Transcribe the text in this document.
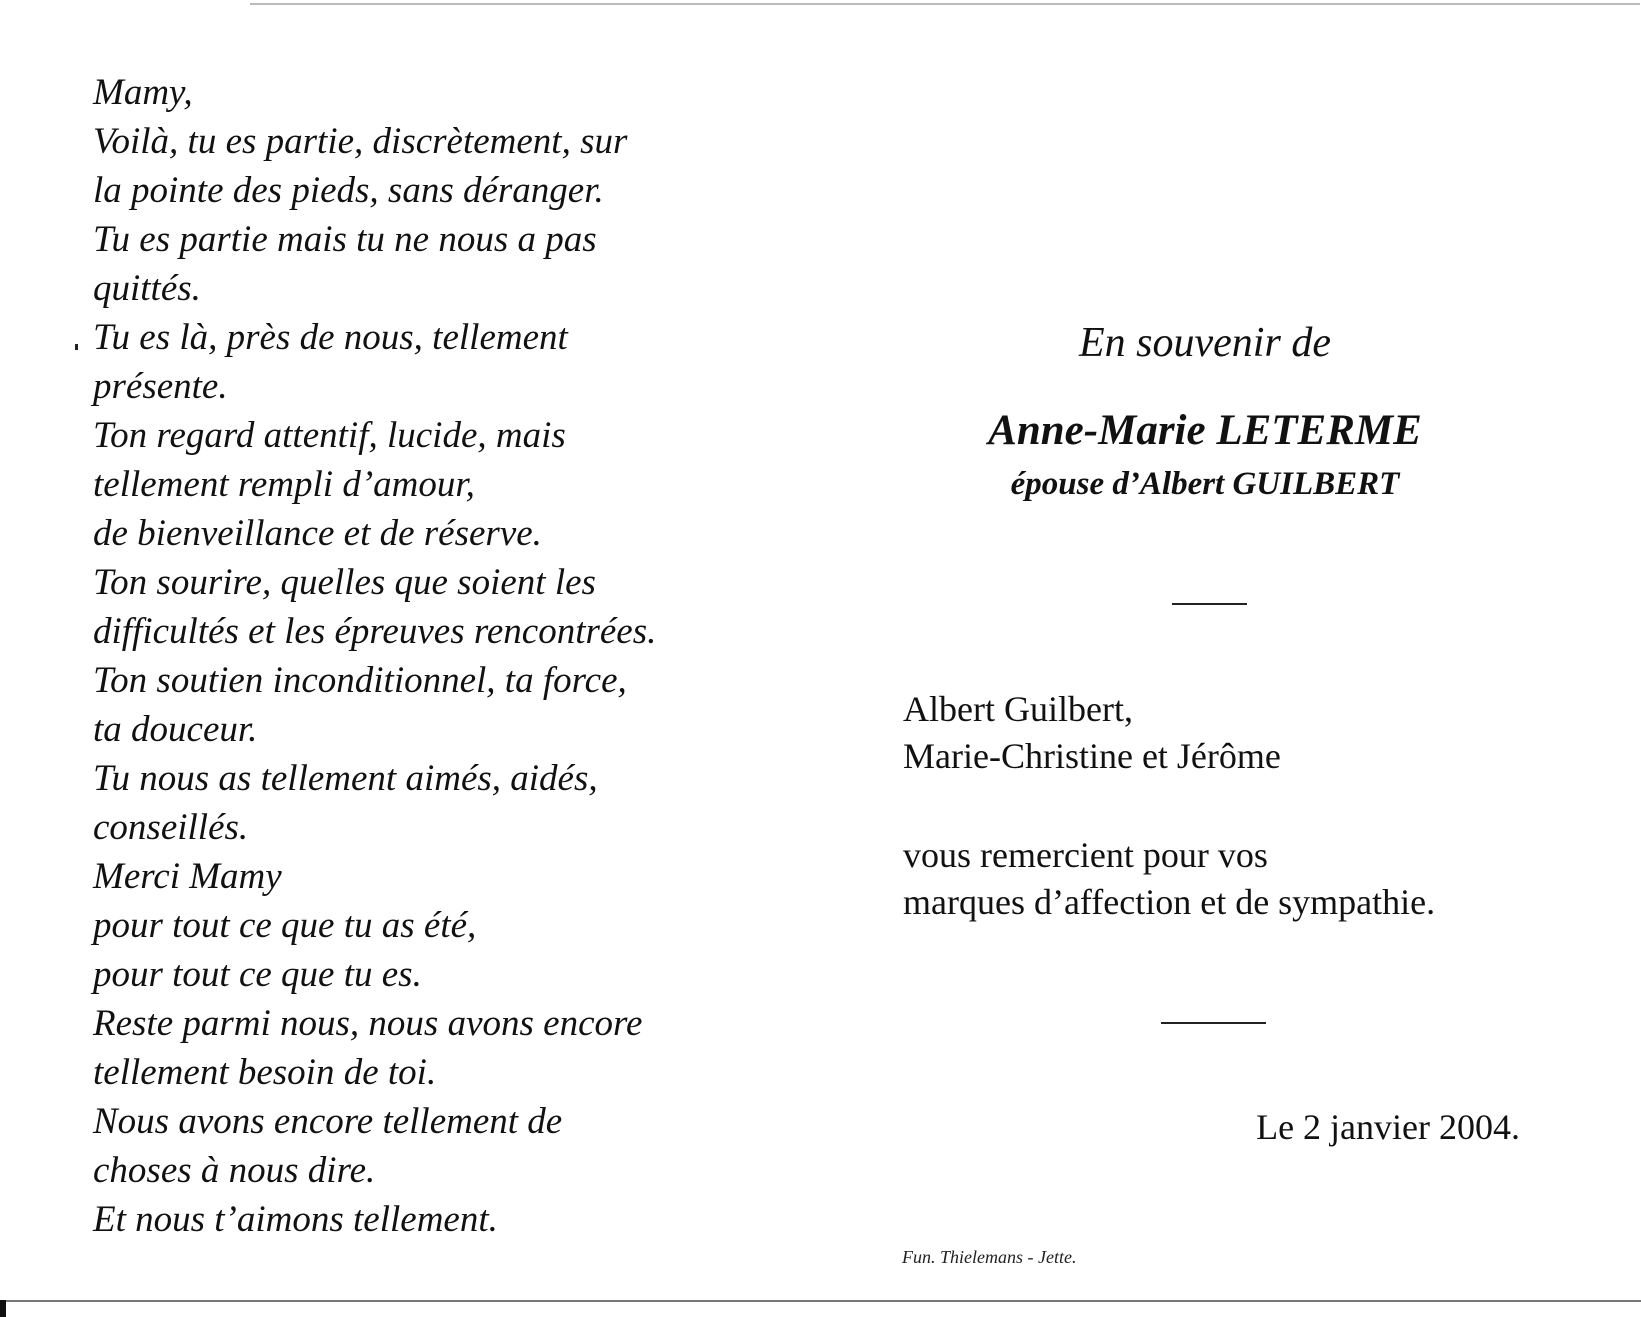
Mamy,
Voilà, tu es partie, discrètement, sur
la pointe des pieds, sans déranger.
Tu es partie mais tu ne nous a pas
quittés.
Tu es là, près de nous, tellement
présente.
Ton regard attentif, lucide, mais
tellement rempli d’amour,
de bienveillance et de réserve.
Ton sourire, quelles que soient les
difficultés et les épreuves rencontrées.
Ton soutien inconditionnel, ta force,
ta douceur.
Tu nous as tellement aimés, aidés,
conseillés.
Merci Mamy
pour tout ce que tu as été,
pour tout ce que tu es.
Reste parmi nous, nous avons encore
tellement besoin de toi.
Nous avons encore tellement de
choses à nous dire.
Et nous t’aimons tellement.
En souvenir de
Anne-Marie LETERME
épouse d’Albert GUILBERT
Albert Guilbert,
Marie-Christine et Jérôme
vous remercient pour vos
marques d’affection et de sympathie.
Le 2 janvier 2004.
Fun. Thielemans - Jette.
